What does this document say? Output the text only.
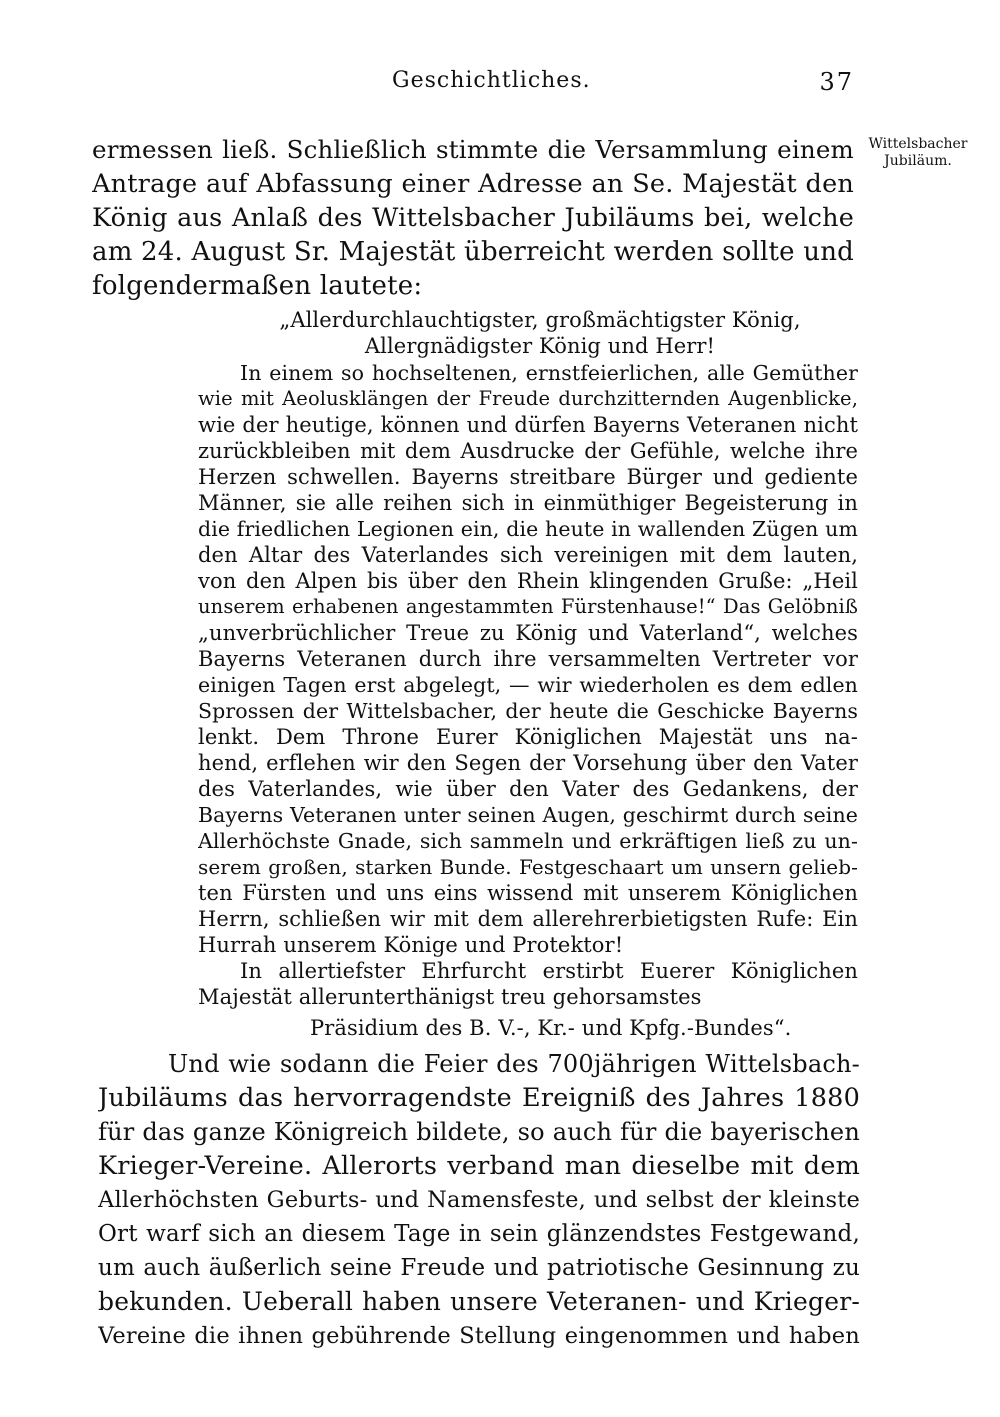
Geschichtliches.	37
Wittelsbacher
Jubiläum.
ermessen ließ. Schließlich stimmte die Versammlung einem
Antrage auf Abfassung einer Adresse an Se. Majestät den
König aus Anlaß des Wittelsbacher Jubiläums bei, welche
am 24. August Sr. Majestät überreicht werden sollte und
folgendermaßen lautete:
„Allerdurchlauchtigster, großmächtigster König,
Allergnädigster König und Herr!
In einem so hochseltenen, ernstfeierlichen, alle Gemüther
wie mit Aeolusklängen der Freude durchzitternden Augenblicke,
wie der heutige, können und dürfen Bayerns Veteranen nicht
zurückbleiben mit dem Ausdrucke der Gefühle, welche ihre
Herzen schwellen. Bayerns streitbare Bürger und gediente
Männer, sie alle reihen sich in einmüthiger Begeisterung in
die friedlichen Legionen ein, die heute in wallenden Zügen um
den Altar des Vaterlandes sich vereinigen mit dem lauten,
von den Alpen bis über den Rhein klingenden Gruße: „Heil
unserem erhabenen angestammten Fürstenhause!“ Das Gelöbniß
„unverbrüchlicher Treue zu König und Vaterland“, welches
Bayerns Veteranen durch ihre versammelten Vertreter vor
einigen Tagen erst abgelegt, — wir wiederholen es dem edlen
Sprossen der Wittelsbacher, der heute die Geschicke Bayerns
lenkt. Dem Throne Eurer Königlichen Majestät uns na-
hend, erflehen wir den Segen der Vorsehung über den Vater
des Vaterlandes, wie über den Vater des Gedankens, der
Bayerns Veteranen unter seinen Augen, geschirmt durch seine
Allerhöchste Gnade, sich sammeln und erkräftigen ließ zu un-
serem großen, starken Bunde. Festgeschaart um unsern gelieb-
ten Fürsten und uns eins wissend mit unserem Königlichen
Herrn, schließen wir mit dem allerehrerbietigsten Rufe: Ein
Hurrah unserem Könige und Protektor!
In allertiefster Ehrfurcht erstirbt Euerer Königlichen
Majestät allerunterthänigst treu gehorsamstes
Präsidium des B. V.-, Kr.- und Kpfg.-Bundes“.
Und wie sodann die Feier des 700jährigen Wittelsbach-
Jubiläums das hervorragendste Ereigniß des Jahres 1880
für das ganze Königreich bildete, so auch für die bayerischen
Krieger-Vereine. Allerorts verband man dieselbe mit dem
Allerhöchsten Geburts- und Namensfeste, und selbst der kleinste
Ort warf sich an diesem Tage in sein glänzendstes Festgewand,
um auch äußerlich seine Freude und patriotische Gesinnung zu
bekunden. Ueberall haben unsere Veteranen- und Krieger-
Vereine die ihnen gebührende Stellung eingenommen und haben
